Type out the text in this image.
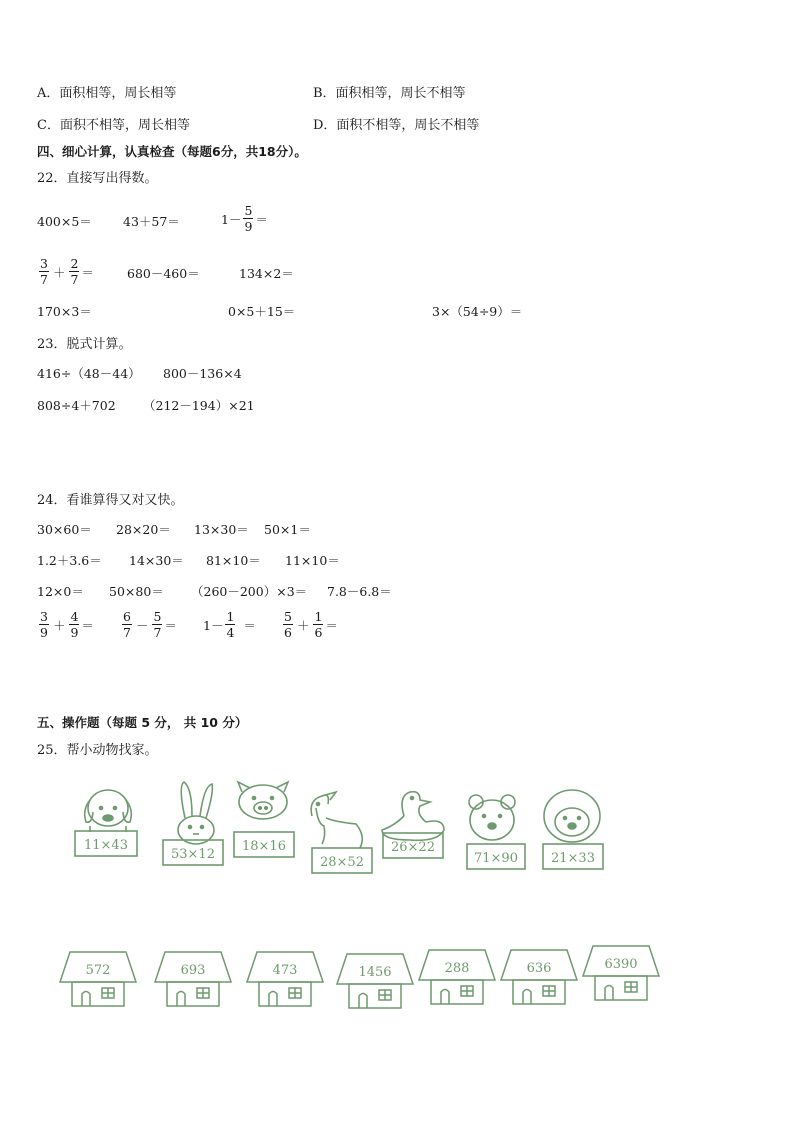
A．面积相等，周长相等	B．面积相等，周长不相等
C．面积不相等，周长相等	D．面积不相等，周长不相等
四、细心计算，认真检查（每题6分，共18分）。
22．直接写出得数。
400×5＝ 43＋57＝	$1- \frac{5}{9}$ ＝
$\frac{3}{7} + \frac{2}{7}$ ＝	680－460＝	134×2＝
170×3＝	0×5＋15＝	3×（54÷9）＝
23．脱式计算。
416÷（48－44） 800－136×4
808÷4＋702 （212－194）×21
24．看谁算得又对又快。
30×60＝ 28×20＝ 13×30＝ 50×1＝
1.2＋3.6＝ 14×30＝ 81×10＝ 11×10＝
12×0＝ 50×80＝ （260－200）×3＝ 7.8－6.8＝
$\frac{3}{9} + \frac{4}{9} = \frac{6}{7} - \frac{5}{7} = 1- \frac{1}{4} = \frac{5}{6} + \frac{1}{6}$ ＝
五、操作题（每题 5 分， 共 10 分）
25．帮小动物找家。
11×43
53×12
18×16
28×52
26×22
71×90	21×33
572	693	473	1456	288	636	6390
